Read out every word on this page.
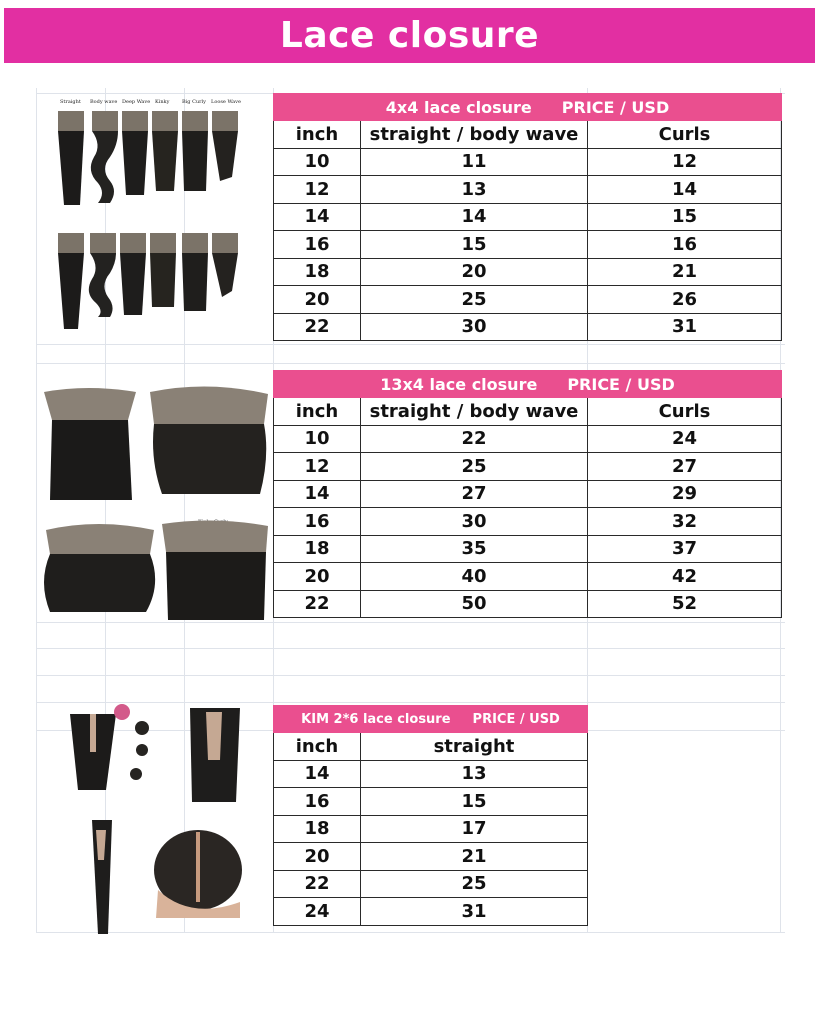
Lace closure
Straight Body wave Deep Wave Kinky	Big Curly Loose Wave	4x4 lace closure PRICE / USD		
inch	straight / body wave	Curls
10	11	12
12	13	14
14	14	15
16	15	16
18	20	21
20	25	26
22	30	31
13x4 lace closure PRICE / USD		
inch	straight / body wave	Curls
10	22	24
12	25	27
14	27	29
16	30	32
18	35	37
20	40	42
22	50	52
KIM 2*6 lace closure PRICE / USD	
inch	straight
14	13
16	15
18	17
20	21
22	25
24	31
